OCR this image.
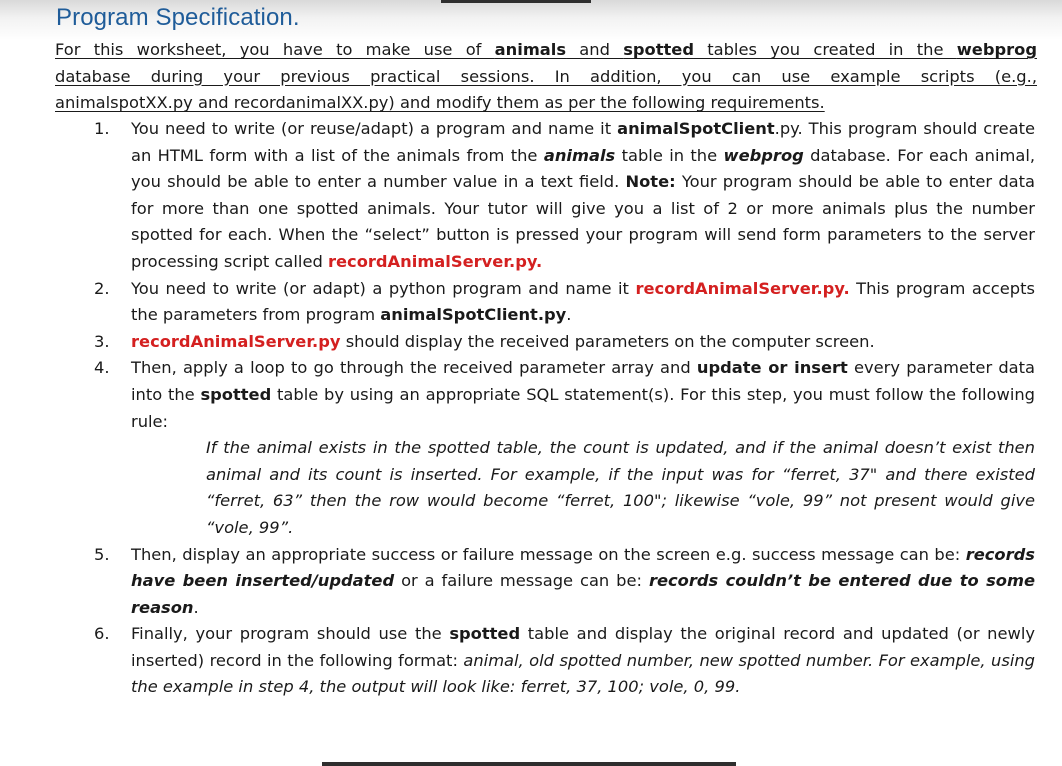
Program Specification.
For this worksheet, you have to make use of animals and spotted tables you created in the webprog
database during your previous practical sessions. In addition, you can use example scripts (e.g.,
animalspotXX.py and recordanimalXX.py) and modify them as per the following requirements.
1. You need to write (or reuse/adapt) a program and name it animalSpotClient.py. This program should create an HTML form with a list of the animals from the animals table in the webprog database. For each animal, you should be able to enter a number value in a text field. Note: Your program should be able to enter data for more than one spotted animals. Your tutor will give you a list of 2 or more animals plus the number spotted for each. When the “select” button is pressed your program will send form parameters to the server processing script called recordAnimalServer.py.
2. You need to write (or adapt) a python program and name it recordAnimalServer.py. This program accepts the parameters from program animalSpotClient.py.
3. recordAnimalServer.py should display the received parameters on the computer screen.
4. Then, apply a loop to go through the received parameter array and update or insert every parameter data into the spotted table by using an appropriate SQL statement(s). For this step, you must follow the following rule:
If the animal exists in the spotted table, the count is updated, and if the animal doesn’t exist then animal and its count is inserted. For example, if the input was for “ferret, 37" and there existed “ferret, 63” then the row would become “ferret, 100"; likewise “vole, 99” not present would give “vole, 99”.
5. Then, display an appropriate success or failure message on the screen e.g. success message can be: records have been inserted/updated or a failure message can be: records couldn’t be entered due to some reason.
6. Finally, your program should use the spotted table and display the original record and updated (or newly inserted) record in the following format: animal, old spotted number, new spotted number. For example, using the example in step 4, the output will look like: ferret, 37, 100; vole, 0, 99.
